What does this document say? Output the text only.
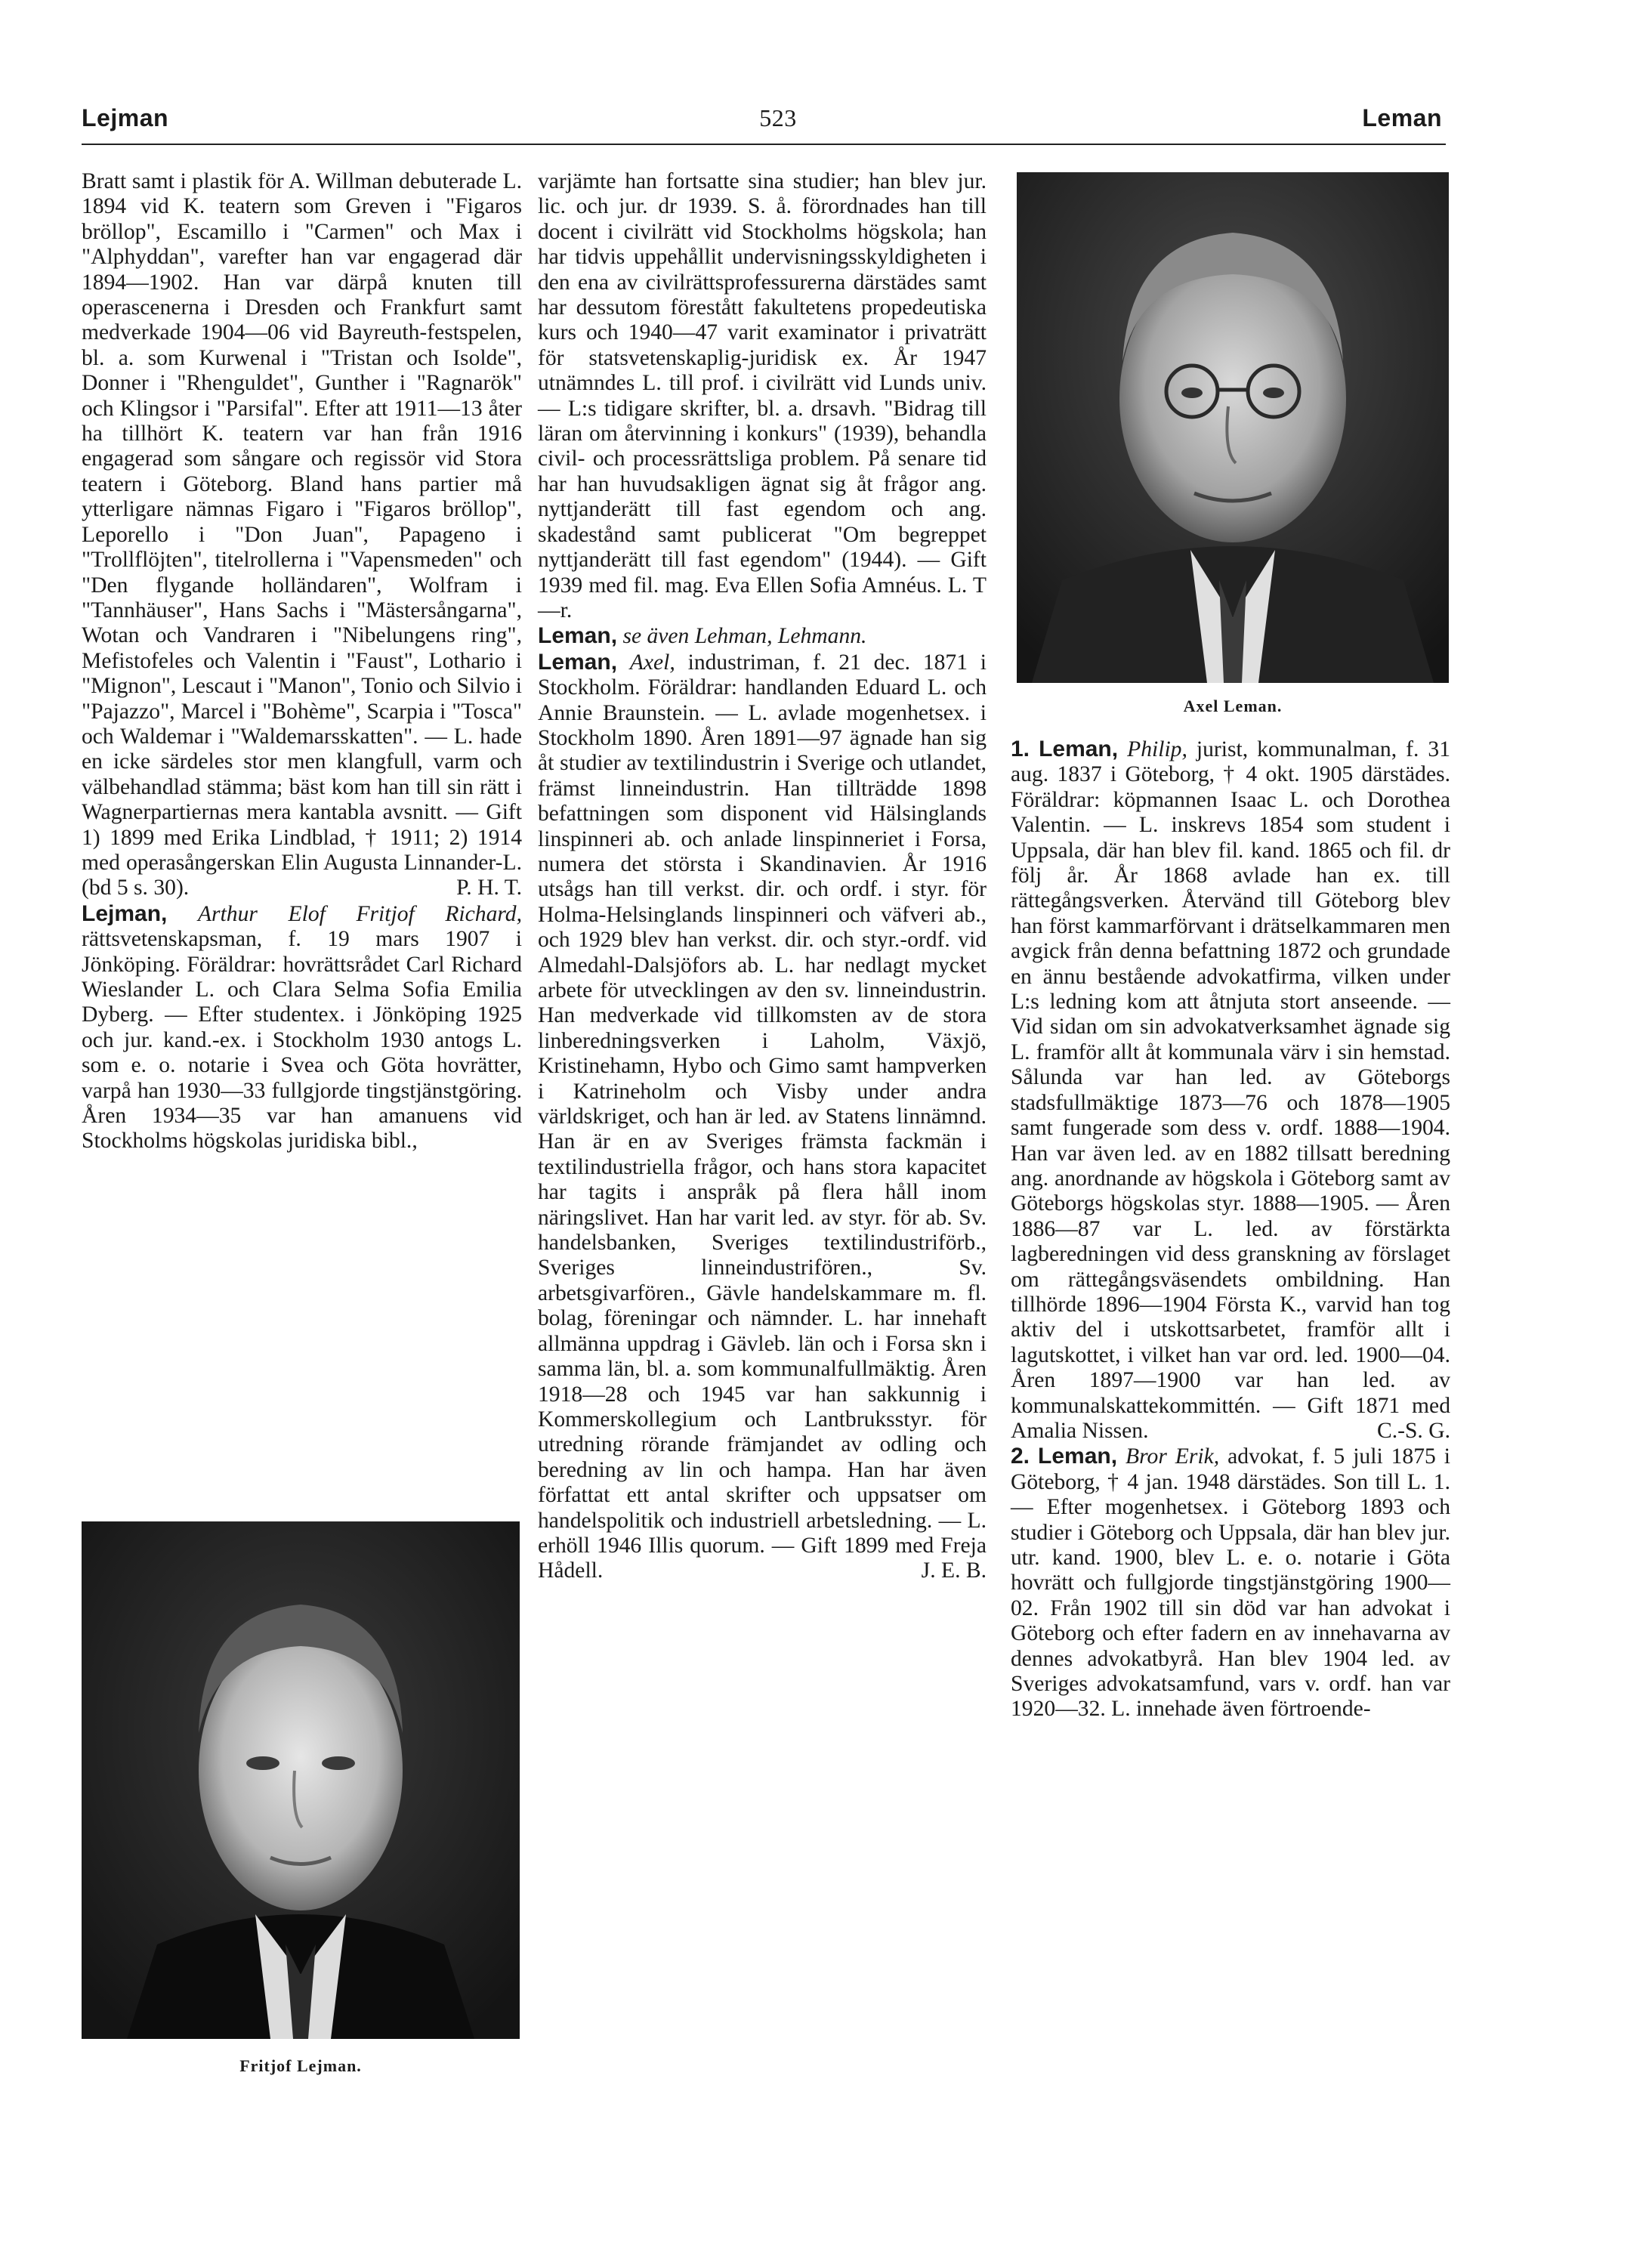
Lejman	523	Leman

Bratt samt i plastik för A. Willman debuterade L. 1894 vid K. teatern som Greven i "Figaros bröllop", Escamillo i "Carmen" och Max i "Alphyddan", varefter han var engagerad där 1894—1902. Han var därpå knuten till operascenerna i Dresden och Frankfurt samt medverkade 1904—06 vid Bayreuth-festspelen, bl. a. som Kurwenal i "Tristan och Isolde", Donner i "Rhenguldet", Gunther i "Ragnarök" och Klingsor i "Parsifal". Efter att 1911—13 åter ha tillhört K. teatern var han från 1916 engagerad som sångare och regissör vid Stora teatern i Göteborg. Bland hans partier må ytterligare nämnas Figaro i "Figaros bröllop", Leporello i "Don Juan", Papageno i "Trollflöjten", titelrollerna i "Vapensmeden" och "Den flygande holländaren", Wolfram i "Tannhäuser", Hans Sachs i "Mästersångarna", Wotan och Vandraren i "Nibelungens ring", Mefistofeles och Valentin i "Faust", Lothario i "Mignon", Lescaut i "Manon", Tonio och Silvio i "Pajazzo", Marcel i "Bohème", Scarpia i "Tosca" och Waldemar i "Waldemarsskatten". — L. hade en icke särdeles stor men klangfull, varm och välbehandlad stämma; bäst kom han till sin rätt i Wagnerpartiernas mera kantabla avsnitt. — Gift 1) 1899 med Erika Lindblad, † 1911; 2) 1914 med operasångerskan Elin Augusta Linnander-L. (bd 5 s. 30).	P. H. T.

Lejman, Arthur Elof Fritjof Richard, rättsvetenskapsman, f. 19 mars 1907 i Jönköping. Föräldrar: hovrättsrådet Carl Richard Wieslander L. och Clara Selma Sofia Emilia Dyberg. — Efter studentex. i Jönköping 1925 och jur. kand.-ex. i Stockholm 1930 antogs L. som e. o. notarie i Svea och Göta hovrätter, varpå han 1930—33 fullgjorde tingstjänstgöring. Åren 1934—35 var han amanuens vid Stockholms högskolas juridiska bibl.,

Fritjof Lejman.

varjämte han fortsatte sina studier; han blev jur. lic. och jur. dr 1939. S. å. förordnades han till docent i civilrätt vid Stockholms högskola; han har tidvis uppehållit undervisningsskyldigheten i den ena av civilrättsprofessurerna därstädes samt har dessutom förestått fakultetens propedeutiska kurs och 1940—47 varit examinator i privaträtt för statsvetenskaplig-juridisk ex. År 1947 utnämndes L. till prof. i civilrätt vid Lunds univ. — L:s tidigare skrifter, bl. a. drsavh. "Bidrag till läran om återvinning i konkurs" (1939), behandla civil- och processrättsliga problem. På senare tid har han huvudsakligen ägnat sig åt frågor ang. nyttjanderätt till fast egendom och ang. skadestånd samt publicerat "Om begreppet nyttjanderätt till fast egendom" (1944). — Gift 1939 med fil. mag. Eva Ellen Sofia Amnéus. L. T—r.

Leman, se även Lehman, Lehmann.

Leman, Axel, industriman, f. 21 dec. 1871 i Stockholm. Föräldrar: handlanden Eduard L. och Annie Braunstein. — L. avlade mogenhetsex. i Stockholm 1890. Åren 1891—97 ägnade han sig åt studier av textilindustrin i Sverige och utlandet, främst linneindustrin. Han tillträdde 1898 befattningen som disponent vid Hälsinglands linspinneri ab. och anlade linspinneriet i Forsa, numera det största i Skandinavien. År 1916 utsågs han till verkst. dir. och ordf. i styr. för Holma-Helsinglands linspinneri och väfveri ab., och 1929 blev han verkst. dir. och styr.-ordf. vid Almedahl-Dalsjöfors ab. L. har nedlagt mycket arbete för utvecklingen av den sv. linneindustrin. Han medverkade vid tillkomsten av de stora linberedningsverken i Laholm, Växjö, Kristinehamn, Hybo och Gimo samt hampverken i Katrineholm och Visby under andra världskriget, och han är led. av Statens linnämnd. Han är en av Sveriges främsta fackmän i textilindustriella frågor, och hans stora kapacitet har tagits i anspråk på flera håll inom näringslivet. Han har varit led. av styr. för ab. Sv. handelsbanken, Sveriges textilindustriförb., Sveriges linneindustrifören., Sv. arbetsgivarfören., Gävle handelskammare m. fl. bolag, föreningar och nämnder. L. har innehaft allmänna uppdrag i Gävleb. län och i Forsa skn i samma län, bl. a. som kommunalfullmäktig. Åren 1918—28 och 1945 var han sakkunnig i Kommerskollegium och Lantbruksstyr. för utredning rörande främjandet av odling och beredning av lin och hampa. Han har även författat ett antal skrifter och uppsatser om handelspolitik och industriell arbetsledning. — L. erhöll 1946 Illis quorum. — Gift 1899 med Freja Hådell.	J. E. B.

Axel Leman.

1. Leman, Philip, jurist, kommunalman, f. 31 aug. 1837 i Göteborg, † 4 okt. 1905 därstädes. Föräldrar: köpmannen Isaac L. och Dorothea Valentin. — L. inskrevs 1854 som student i Uppsala, där han blev fil. kand. 1865 och fil. dr följ år. År 1868 avlade han ex. till rättegångsverken. Återvänd till Göteborg blev han först kammarförvant i drätselkammaren men avgick från denna befattning 1872 och grundade en ännu bestående advokatfirma, vilken under L:s ledning kom att åtnjuta stort anseende. — Vid sidan om sin advokatverksamhet ägnade sig L. framför allt åt kommunala värv i sin hemstad. Sålunda var han led. av Göteborgs stadsfullmäktige 1873—76 och 1878—1905 samt fungerade som dess v. ordf. 1888—1904. Han var även led. av en 1882 tillsatt beredning ang. anordnande av högskola i Göteborg samt av Göteborgs högskolas styr. 1888—1905. — Åren 1886—87 var L. led. av förstärkta lagberedningen vid dess granskning av förslaget om rättegångsväsendets ombildning. Han tillhörde 1896—1904 Första K., varvid han tog aktiv del i utskottsarbetet, framför allt i lagutskottet, i vilket han var ord. led. 1900—04. Åren 1897—1900 var han led. av kommunalskattekommittén. — Gift 1871 med Amalia Nissen.	C.-S. G.

2. Leman, Bror Erik, advokat, f. 5 juli 1875 i Göteborg, † 4 jan. 1948 därstädes. Son till L. 1. — Efter mogenhetsex. i Göteborg 1893 och studier i Göteborg och Uppsala, där han blev jur. utr. kand. 1900, blev L. e. o. notarie i Göta hovrätt och fullgjorde tingstjänstgöring 1900—02. Från 1902 till sin död var han advokat i Göteborg och efter fadern en av innehavarna av dennes advokatbyrå. Han blev 1904 led. av Sveriges advokatsamfund, vars v. ordf. han var 1920—32. L. innehade även förtroende-
